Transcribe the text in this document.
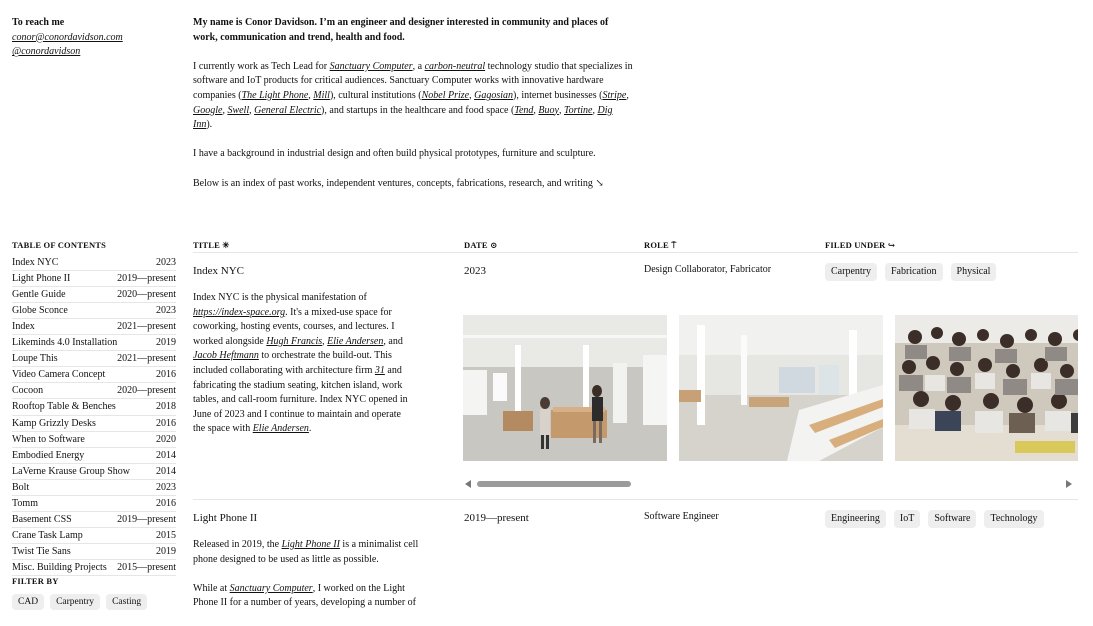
To reach me
conor@conordavidson.com
@conordavidson

My name is Conor Davidson. I’m an engineer and designer interested in community and places of work, communication and trend, health and food.

I currently work as Tech Lead for Sanctuary Computer, a carbon-neutral technology studio that specializes in software and IoT products for critical audiences. Sanctuary Computer works with innovative hardware companies (The Light Phone, Mill), cultural institutions (Nobel Prize, Gagosian), internet businesses (Stripe, Google, Swell, General Electric), and startups in the healthcare and food space (Tend, Buoy, Tortine, Dig Inn).

I have a background in industrial design and often build physical prototypes, furniture and sculpture.

Below is an index of past works, independent ventures, concepts, fabrications, research, and writing ↘

TABLE OF CONTENTS
Index NYC	2023
Light Phone II	2019—present
Gentle Guide	2020—present
Globe Sconce	2023
Index	2021—present
Likeminds 4.0 Installation	2019
Loupe This	2021—present
Video Camera Concept	2016
Cocoon	2020—present
Rooftop Table & Benches	2018
Kamp Grizzly Desks	2016
When to Software	2020
Embodied Energy	2014
LaVerne Krause Group Show	2014
Bolt	2023
Tomm	2016
Basement CSS	2019—present
Crane Task Lamp	2015
Twist Tie Sans	2019
Misc. Building Projects 2015—present
FILTER BY
CAD	Carpentry	Casting
TITLE ✳	DATE ⊙	ROLE ⍑	FILED UNDER ↪
Index NYC	2023	Design Collaborator, Fabricator	Carpentry	Fabrication	Physical
Index NYC is the physical manifestation of https://index-space.org. It's a mixed-use space for coworking, hosting events, courses, and lectures. I worked alongside Hugh Francis, Elie Andersen, and Jacob Heftmann to orchestrate the build-out. This included collaborating with architecture firm 31 and fabricating the stadium seating, kitchen island, work tables, and call-room furniture. Index NYC opened in June of 2023 and I continue to maintain and operate the space with Elie Andersen.
Light Phone II	2019—present	Software Engineer	Engineering	IoT	Software	Technology

Released in 2019, the Light Phone II is a minimalist cell phone designed to be used as little as possible.

While at Sanctuary Computer, I worked on the Light Phone II for a number of years, developing a number of
